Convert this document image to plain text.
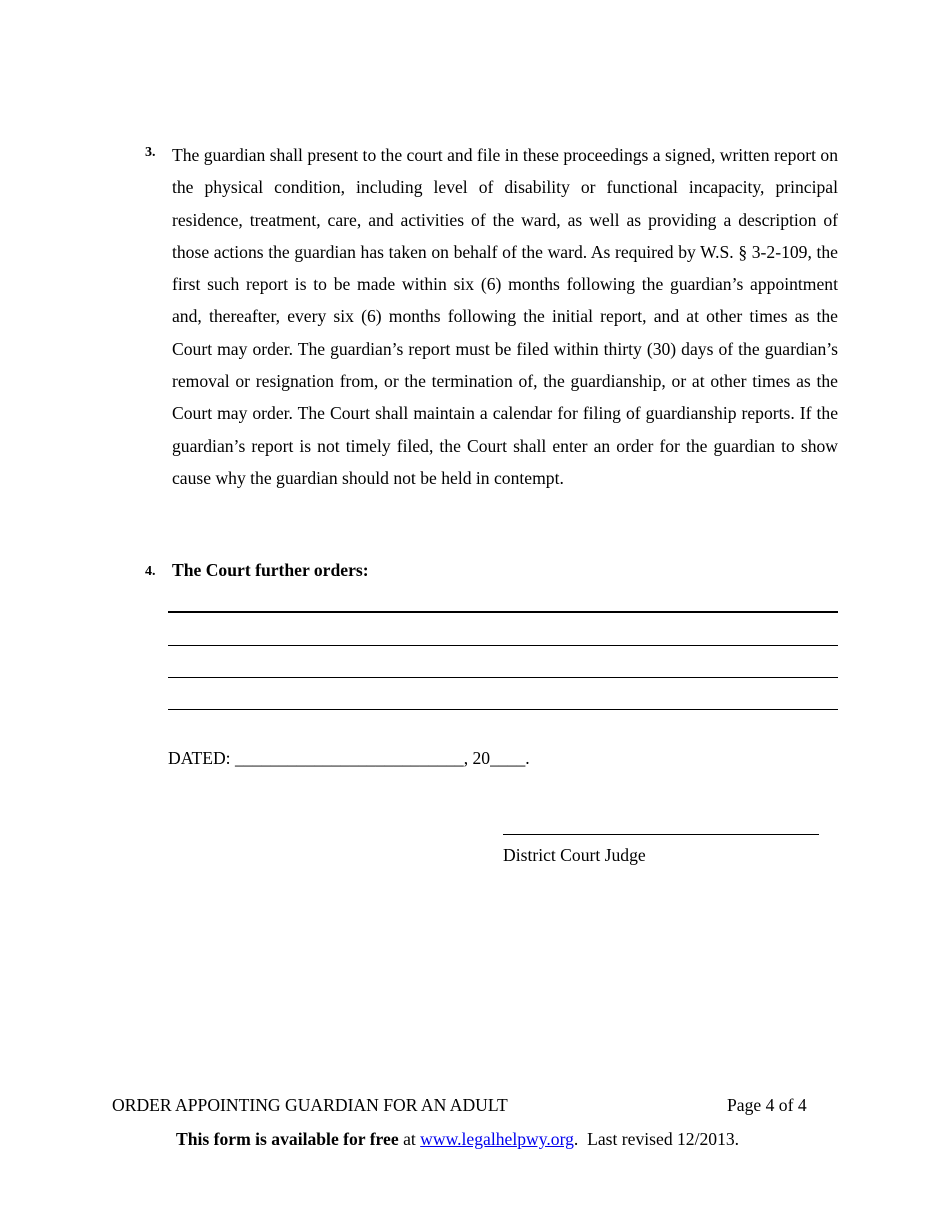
3. The guardian shall present to the court and file in these proceedings a signed, written report on the physical condition, including level of disability or functional incapacity, principal residence, treatment, care, and activities of the ward, as well as providing a description of those actions the guardian has taken on behalf of the ward. As required by W.S. § 3-2-109, the first such report is to be made within six (6) months following the guardian’s appointment and, thereafter, every six (6) months following the initial report, and at other times as the Court may order. The guardian’s report must be filed within thirty (30) days of the guardian’s removal or resignation from, or the termination of, the guardianship, or at other times as the Court may order. The Court shall maintain a calendar for filing of guardianship reports. If the guardian’s report is not timely filed, the Court shall enter an order for the guardian to show cause why the guardian should not be held in contempt.

4. The Court further orders:
DATED: __________________________, 20____.
District Court Judge
ORDER APPOINTING GUARDIAN FOR AN ADULT	Page 4 of 4
This form is available for free at www.legalhelpwy.org.  Last revised 12/2013.
